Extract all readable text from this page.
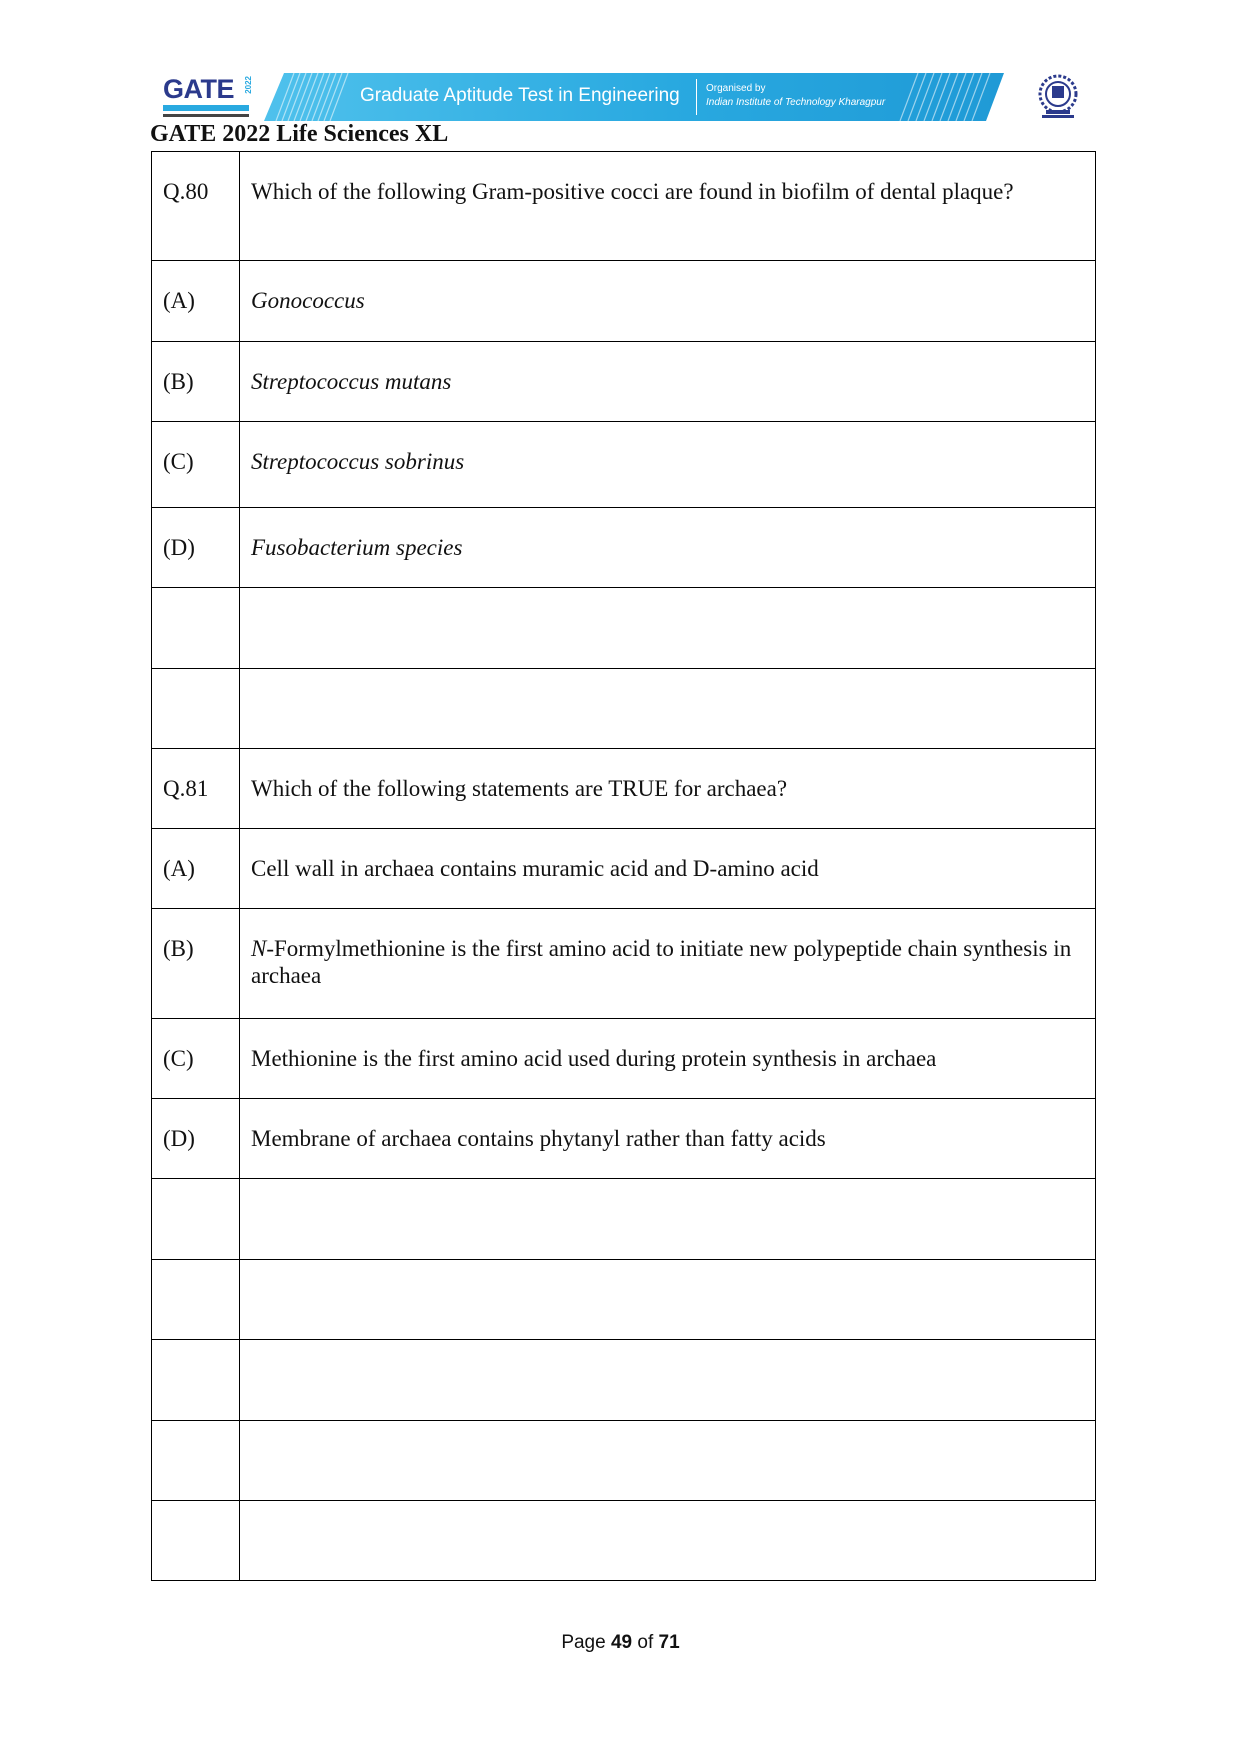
GATE 2022
Graduate Aptitude Test in Engineering	Organised by
Indian Institute of Technology Kharagpur
GATE 2022 Life Sciences XL
Q.80	Which of the following Gram-positive cocci are found in biofilm of dental plaque?
(A)	Gonococcus
(B)	Streptococcus mutans
(C)	Streptococcus sobrinus
(D)	Fusobacterium species

Q.81	Which of the following statements are TRUE for archaea?
(A)	Cell wall in archaea contains muramic acid and D-amino acid
(B)	N-Formylmethionine is the first amino acid to initiate new polypeptide chain synthesis in archaea
(C)	Methionine is the first amino acid used during protein synthesis in archaea
(D)	Membrane of archaea contains phytanyl rather than fatty acids

Page 49 of 71
